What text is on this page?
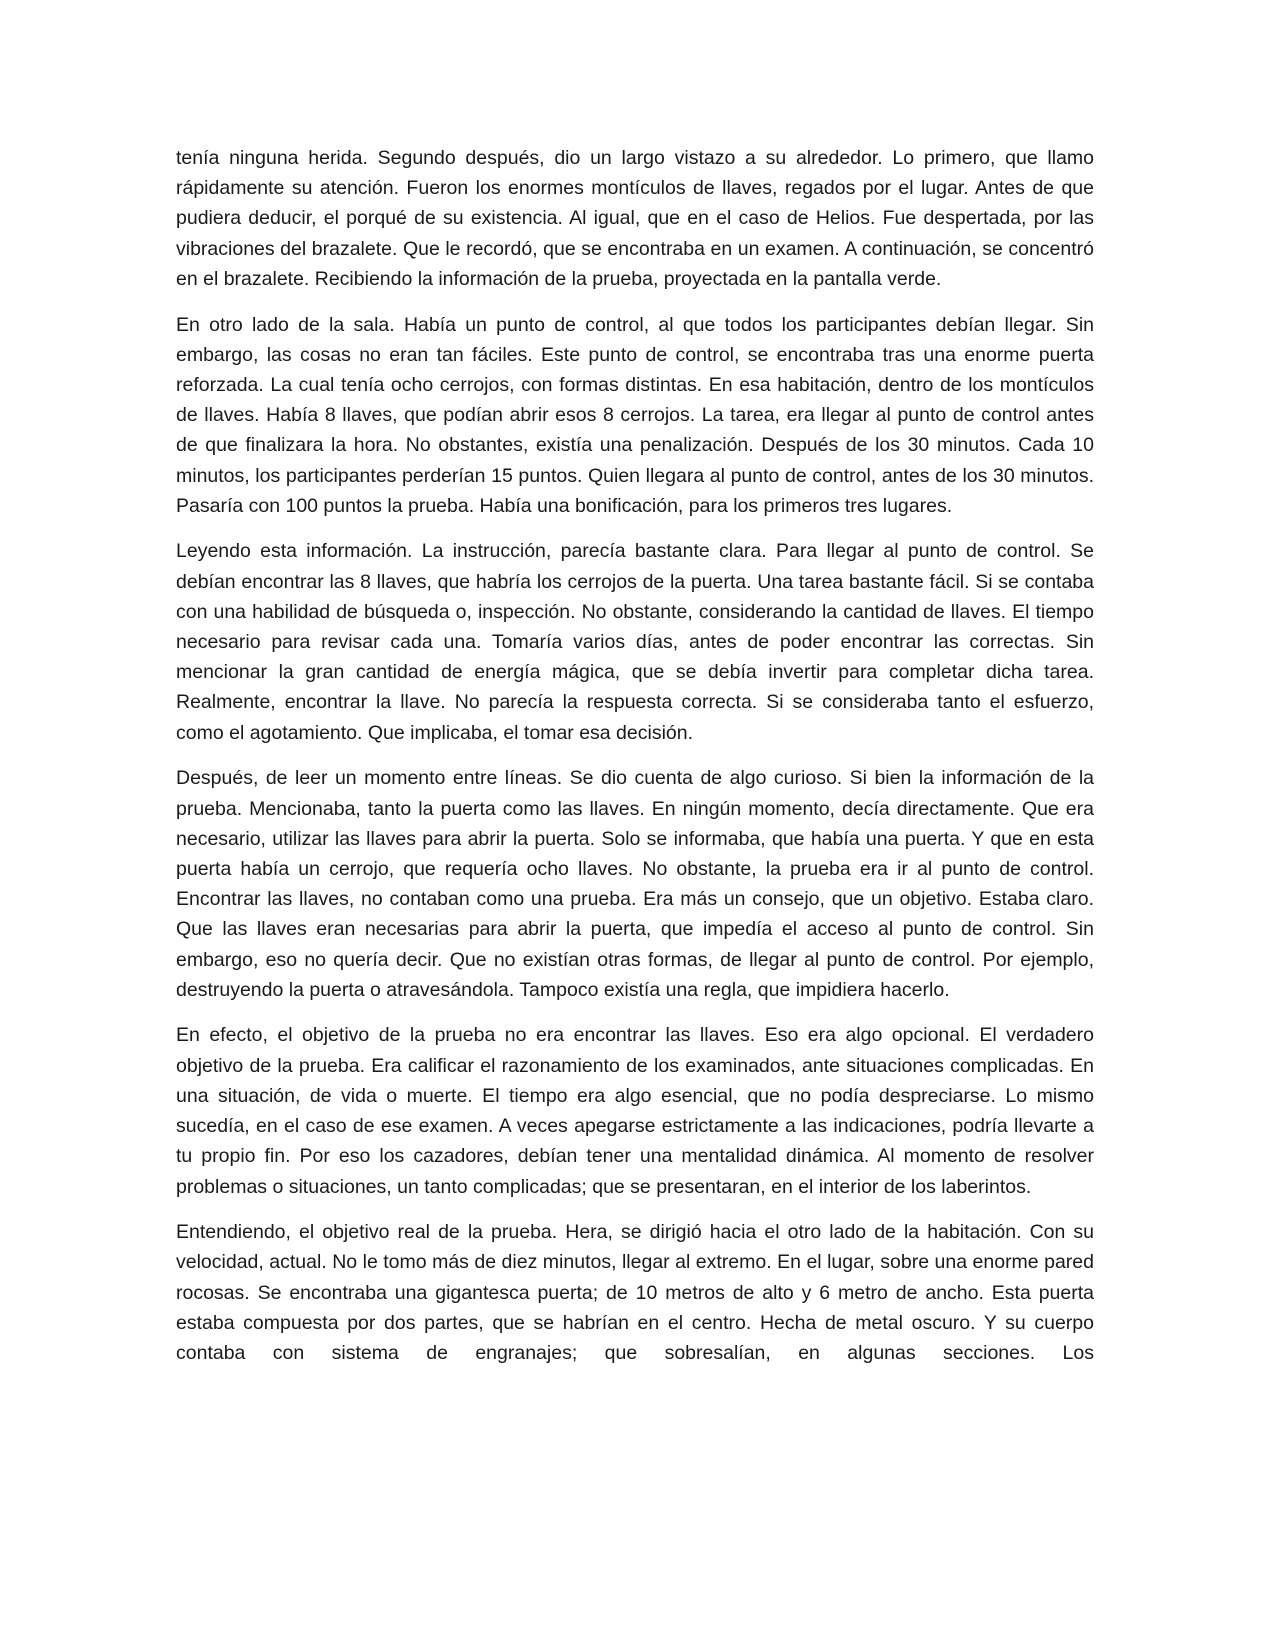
tenía ninguna herida. Segundo después, dio un largo vistazo a su alrededor. Lo primero, que llamo rápidamente su atención. Fueron los enormes montículos de llaves, regados por el lugar. Antes de que pudiera deducir, el porqué de su existencia. Al igual, que en el caso de Helios. Fue despertada, por las vibraciones del brazalete. Que le recordó, que se encontraba en un examen. A continuación, se concentró en el brazalete. Recibiendo la información de la prueba, proyectada en la pantalla verde.

En otro lado de la sala. Había un punto de control, al que todos los participantes debían llegar. Sin embargo, las cosas no eran tan fáciles. Este punto de control, se encontraba tras una enorme puerta reforzada. La cual tenía ocho cerrojos, con formas distintas. En esa habitación, dentro de los montículos de llaves. Había 8 llaves, que podían abrir esos 8 cerrojos. La tarea, era llegar al punto de control antes de que finalizara la hora. No obstantes, existía una penalización. Después de los 30 minutos. Cada 10 minutos, los participantes perderían 15 puntos. Quien llegara al punto de control, antes de los 30 minutos. Pasaría con 100 puntos la prueba. Había una bonificación, para los primeros tres lugares.

Leyendo esta información. La instrucción, parecía bastante clara. Para llegar al punto de control. Se debían encontrar las 8 llaves, que habría los cerrojos de la puerta. Una tarea bastante fácil. Si se contaba con una habilidad de búsqueda o, inspección. No obstante, considerando la cantidad de llaves. El tiempo necesario para revisar cada una. Tomaría varios días, antes de poder encontrar las correctas. Sin mencionar la gran cantidad de energía mágica, que se debía invertir para completar dicha tarea. Realmente, encontrar la llave. No parecía la respuesta correcta. Si se consideraba tanto el esfuerzo, como el agotamiento. Que implicaba, el tomar esa decisión.

Después, de leer un momento entre líneas. Se dio cuenta de algo curioso. Si bien la información de la prueba. Mencionaba, tanto la puerta como las llaves. En ningún momento, decía directamente. Que era necesario, utilizar las llaves para abrir la puerta. Solo se informaba, que había una puerta. Y que en esta puerta había un cerrojo, que requería ocho llaves. No obstante, la prueba era ir al punto de control. Encontrar las llaves, no contaban como una prueba. Era más un consejo, que un objetivo. Estaba claro. Que las llaves eran necesarias para abrir la puerta, que impedía el acceso al punto de control. Sin embargo, eso no quería decir. Que no existían otras formas, de llegar al punto de control. Por ejemplo, destruyendo la puerta o atravesándola. Tampoco existía una regla, que impidiera hacerlo.

En efecto, el objetivo de la prueba no era encontrar las llaves. Eso era algo opcional. El verdadero objetivo de la prueba. Era calificar el razonamiento de los examinados, ante situaciones complicadas. En una situación, de vida o muerte. El tiempo era algo esencial, que no podía despreciarse. Lo mismo sucedía, en el caso de ese examen. A veces apegarse estrictamente a las indicaciones, podría llevarte a tu propio fin. Por eso los cazadores, debían tener una mentalidad dinámica. Al momento de resolver problemas o situaciones, un tanto complicadas; que se presentaran, en el interior de los laberintos.

Entendiendo, el objetivo real de la prueba. Hera, se dirigió hacia el otro lado de la habitación. Con su velocidad, actual. No le tomo más de diez minutos, llegar al extremo. En el lugar, sobre una enorme pared rocosas. Se encontraba una gigantesca puerta; de 10 metros de alto y 6 metro de ancho. Esta puerta estaba compuesta por dos partes, que se habrían en el centro. Hecha de metal oscuro. Y su cuerpo contaba con sistema de engranajes; que sobresalían, en algunas secciones. Los
